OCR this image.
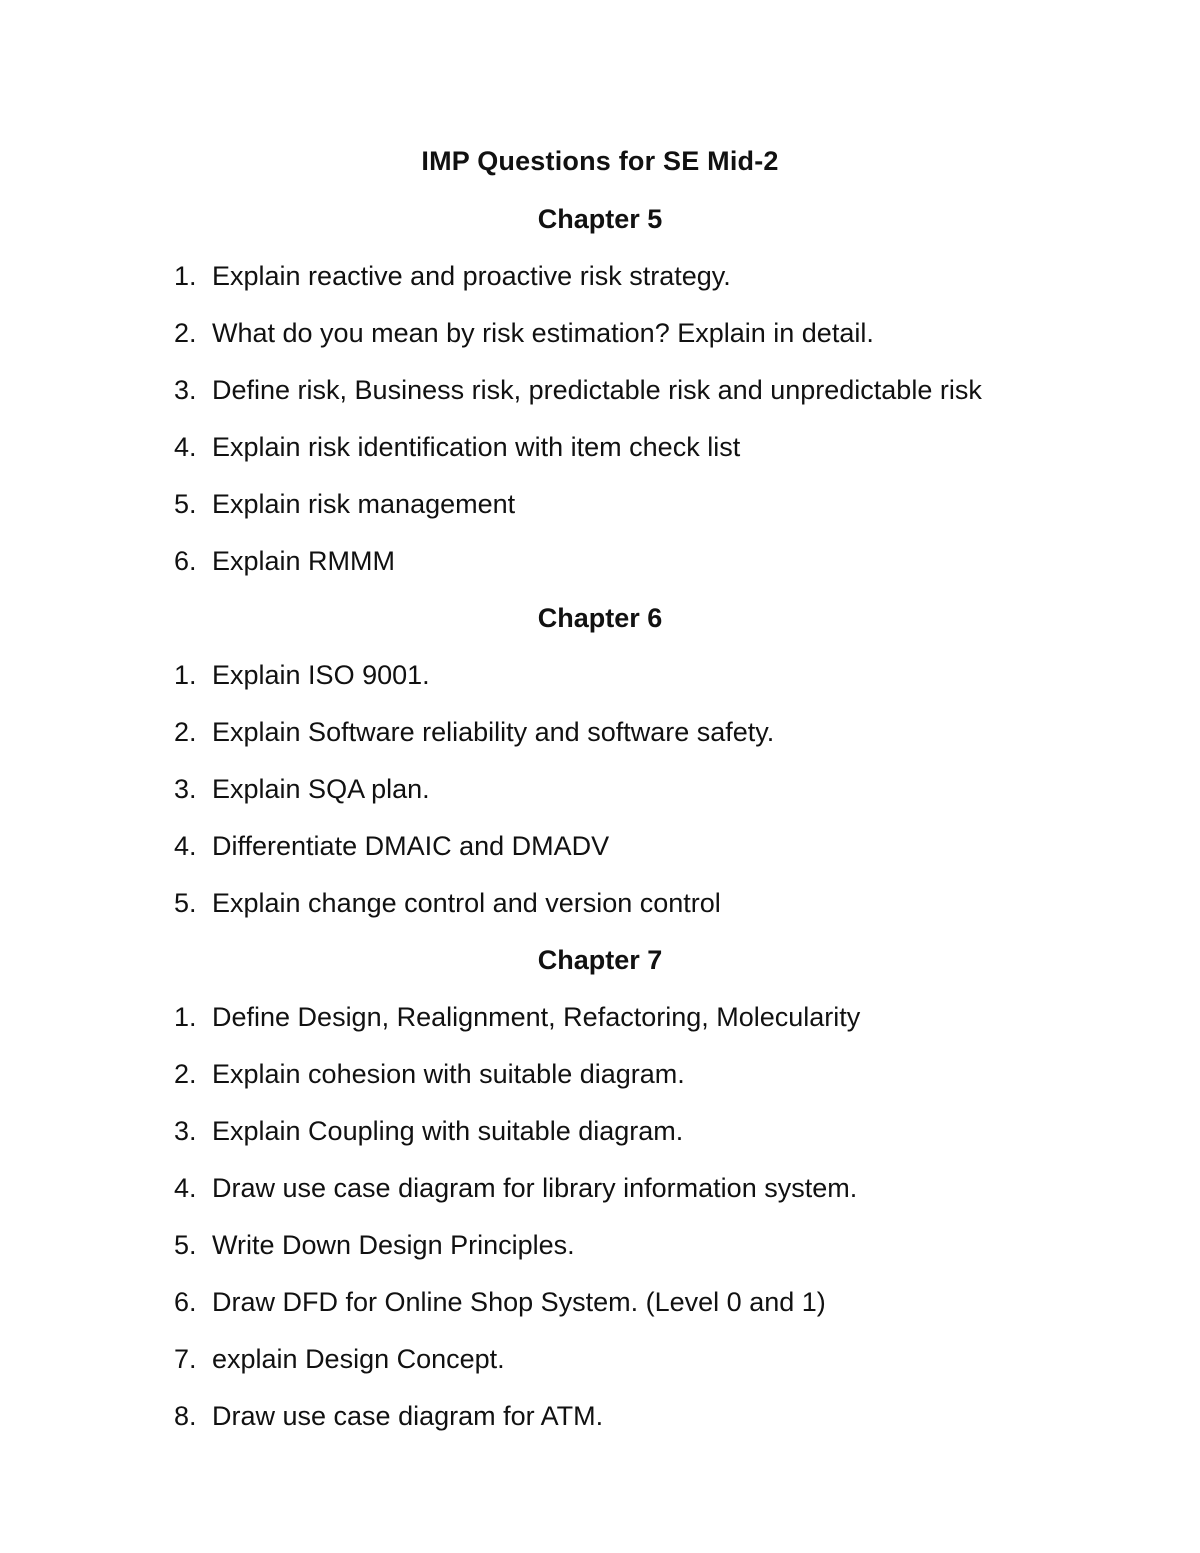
IMP Questions for SE Mid-2
Chapter 5
1. Explain reactive and proactive risk strategy.
2. What do you mean by risk estimation? Explain in detail.
3. Define risk, Business risk, predictable risk and unpredictable risk
4. Explain risk identification with item check list
5. Explain risk management
6. Explain RMMM
Chapter 6
1. Explain ISO 9001.
2. Explain Software reliability and software safety.
3. Explain SQA plan.
4. Differentiate DMAIC and DMADV
5. Explain change control and version control
Chapter 7
1. Define Design, Realignment, Refactoring, Molecularity
2. Explain cohesion with suitable diagram.
3. Explain Coupling with suitable diagram.
4. Draw use case diagram for library information system.
5. Write Down Design Principles.
6. Draw DFD for Online Shop System. (Level 0 and 1)
7. explain Design Concept.
8. Draw use case diagram for ATM.
